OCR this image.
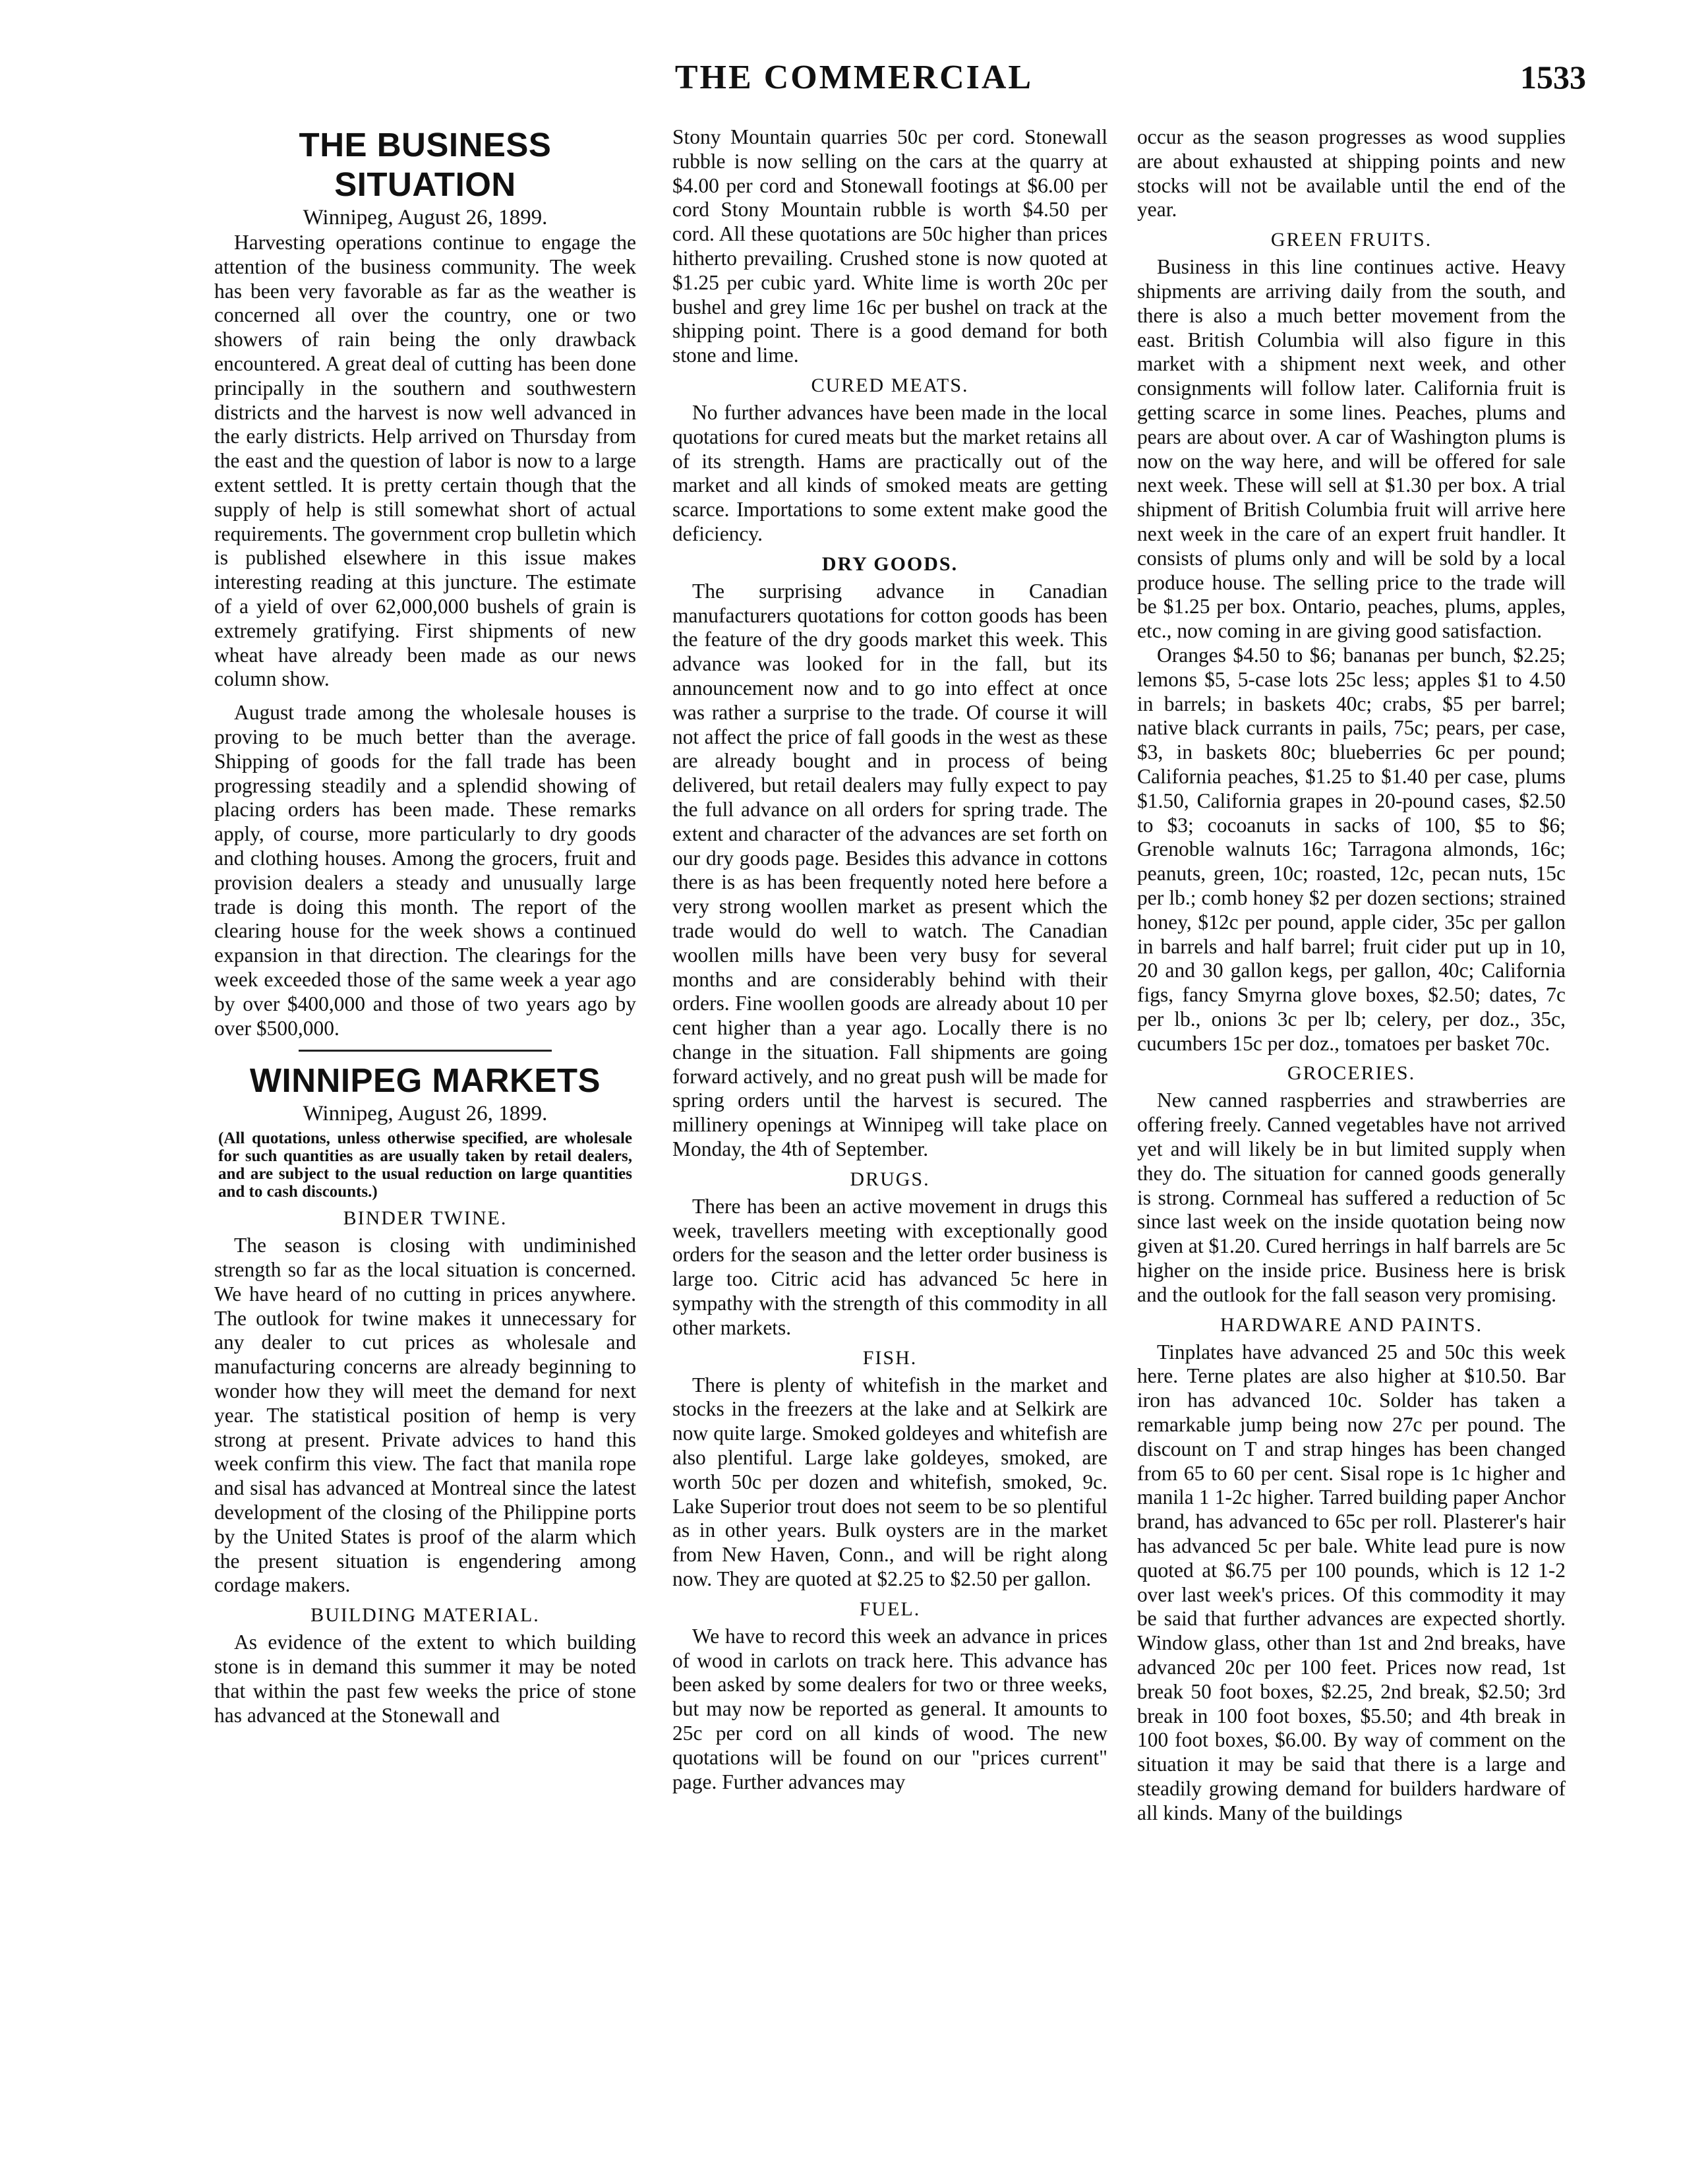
THE COMMERCIAL	1533
THE BUSINESS SITUATION
Winnipeg, August 26, 1899.

Harvesting operations continue to engage the attention of the business community. The week has been very favorable as far as the weather is concerned all over the country, one or two showers of rain being the only drawback encountered. A great deal of cutting has been done principally in the southern and southwestern districts and the harvest is now well advanced in the early districts. Help arrived on Thursday from the east and the question of labor is now to a large extent settled. It is pretty certain though that the supply of help is still somewhat short of actual requirements. The government crop bulletin which is published elsewhere in this issue makes interesting reading at this juncture. The estimate of a yield of over 62,000,000 bushels of grain is extremely gratifying. First shipments of new wheat have already been made as our news column show.

August trade among the wholesale houses is proving to be much better than the average. Shipping of goods for the fall trade has been progressing steadily and a splendid showing of placing orders has been made. These remarks apply, of course, more particularly to dry goods and clothing houses. Among the grocers, fruit and provision dealers a steady and unusually large trade is doing this month. The report of the clearing house for the week shows a continued expansion in that direction. The clearings for the week exceeded those of the same week a year ago by over $400,000 and those of two years ago by over $500,000.

WINNIPEG MARKETS
Winnipeg, August 26, 1899.
(All quotations, unless otherwise specified, are wholesale for such quantities as are usually taken by retail dealers, and are subject to the usual reduction on large quantities and to cash discounts.)
BINDER TWINE.

The season is closing with undiminished strength so far as the local situation is concerned. We have heard of no cutting in prices anywhere. The outlook for twine makes it unnecessary for any dealer to cut prices as wholesale and manufacturing concerns are already beginning to wonder how they will meet the demand for next year. The statistical position of hemp is very strong at present. Private advices to hand this week confirm this view. The fact that manila rope and sisal has advanced at Montreal since the latest development of the closing of the Philippine ports by the United States is proof of the alarm which the present situation is engendering among cordage makers.

BUILDING MATERIAL.

As evidence of the extent to which building stone is in demand this summer it may be noted that within the past few weeks the price of stone has advanced at the Stonewall and

Stony Mountain quarries 50c per cord. Stonewall rubble is now selling on the cars at the quarry at $4.00 per cord and Stonewall footings at $6.00 per cord Stony Mountain rubble is worth $4.50 per cord. All these quotations are 50c higher than prices hitherto prevailing. Crushed stone is now quoted at $1.25 per cubic yard. White lime is worth 20c per bushel and grey lime 16c per bushel on track at the shipping point. There is a good demand for both stone and lime.

CURED MEATS.

No further advances have been made in the local quotations for cured meats but the market retains all of its strength. Hams are practically out of the market and all kinds of smoked meats are getting scarce. Importations to some extent make good the deficiency.

DRY GOODS.

The surprising advance in Canadian manufacturers quotations for cotton goods has been the feature of the dry goods market this week. This advance was looked for in the fall, but its announcement now and to go into effect at once was rather a surprise to the trade. Of course it will not affect the price of fall goods in the west as these are already bought and in process of being delivered, but retail dealers may fully expect to pay the full advance on all orders for spring trade. The extent and character of the advances are set forth on our dry goods page. Besides this advance in cottons there is as has been frequently noted here before a very strong woollen market as present which the trade would do well to watch. The Canadian woollen mills have been very busy for several months and are considerably behind with their orders. Fine woollen goods are already about 10 per cent higher than a year ago. Locally there is no change in the situation. Fall shipments are going forward actively, and no great push will be made for spring orders until the harvest is secured. The millinery openings at Winnipeg will take place on Monday, the 4th of September.

DRUGS.

There has been an active movement in drugs this week, travellers meeting with exceptionally good orders for the season and the letter order business is large too. Citric acid has advanced 5c here in sympathy with the strength of this commodity in all other markets.

FISH.

There is plenty of whitefish in the market and stocks in the freezers at the lake and at Selkirk are now quite large. Smoked goldeyes and whitefish are also plentiful. Large lake goldeyes, smoked, are worth 50c per dozen and whitefish, smoked, 9c. Lake Superior trout does not seem to be so plentiful as in other years. Bulk oysters are in the market from New Haven, Conn., and will be right along now. They are quoted at $2.25 to $2.50 per gallon.

FUEL.

We have to record this week an advance in prices of wood in carlots on track here. This advance has been asked by some dealers for two or three weeks, but may now be reported as general. It amounts to 25c per cord on all kinds of wood. The new quotations will be found on our "prices current" page. Further advances may

occur as the season progresses as wood supplies are about exhausted at shipping points and new stocks will not be available until the end of the year.

GREEN FRUITS.

Business in this line continues active. Heavy shipments are arriving daily from the south, and there is also a much better movement from the east. British Columbia will also figure in this market with a shipment next week, and other consignments will follow later. California fruit is getting scarce in some lines. Peaches, plums and pears are about over. A car of Washington plums is now on the way here, and will be offered for sale next week. These will sell at $1.30 per box. A trial shipment of British Columbia fruit will arrive here next week in the care of an expert fruit handler. It consists of plums only and will be sold by a local produce house. The selling price to the trade will be $1.25 per box. Ontario, peaches, plums, apples, etc., now coming in are giving good satisfaction.

Oranges $4.50 to $6; bananas per bunch, $2.25; lemons $5, 5-case lots 25c less; apples $1 to 4.50 in barrels; in baskets 40c; crabs, $5 per barrel; native black currants in pails, 75c; pears, per case, $3, in baskets 80c; blueberries 6c per pound; California peaches, $1.25 to $1.40 per case, plums $1.50, California grapes in 20-pound cases, $2.50 to $3; cocoanuts in sacks of 100, $5 to $6; Grenoble walnuts 16c; Tarragona almonds, 16c; peanuts, green, 10c; roasted, 12c, pecan nuts, 15c per lb.; comb honey $2 per dozen sections; strained honey, $12c per pound, apple cider, 35c per gallon in barrels and half barrel; fruit cider put up in 10, 20 and 30 gallon kegs, per gallon, 40c; California figs, fancy Smyrna glove boxes, $2.50; dates, 7c per lb., onions 3c per lb; celery, per doz., 35c, cucumbers 15c per doz., tomatoes per basket 70c.

GROCERIES.

New canned raspberries and strawberries are offering freely. Canned vegetables have not arrived yet and will likely be in but limited supply when they do. The situation for canned goods generally is strong. Cornmeal has suffered a reduction of 5c since last week on the inside quotation being now given at $1.20. Cured herrings in half barrels are 5c higher on the inside price. Business here is brisk and the outlook for the fall season very promising.

HARDWARE AND PAINTS.

Tinplates have advanced 25 and 50c this week here. Terne plates are also higher at $10.50. Bar iron has advanced 10c. Solder has taken a remarkable jump being now 27c per pound. The discount on T and strap hinges has been changed from 65 to 60 per cent. Sisal rope is 1c higher and manila 1 1-2c higher. Tarred building paper Anchor brand, has advanced to 65c per roll. Plasterer's hair has advanced 5c per bale. White lead pure is now quoted at $6.75 per 100 pounds, which is 12 1-2 over last week's prices. Of this commodity it may be said that further advances are expected shortly. Window glass, other than 1st and 2nd breaks, have advanced 20c per 100 feet. Prices now read, 1st break 50 foot boxes, $2.25, 2nd break, $2.50; 3rd break in 100 foot boxes, $5.50; and 4th break in 100 foot boxes, $6.00. By way of comment on the situation it may be said that there is a large and steadily growing demand for builders hardware of all kinds. Many of the buildings
